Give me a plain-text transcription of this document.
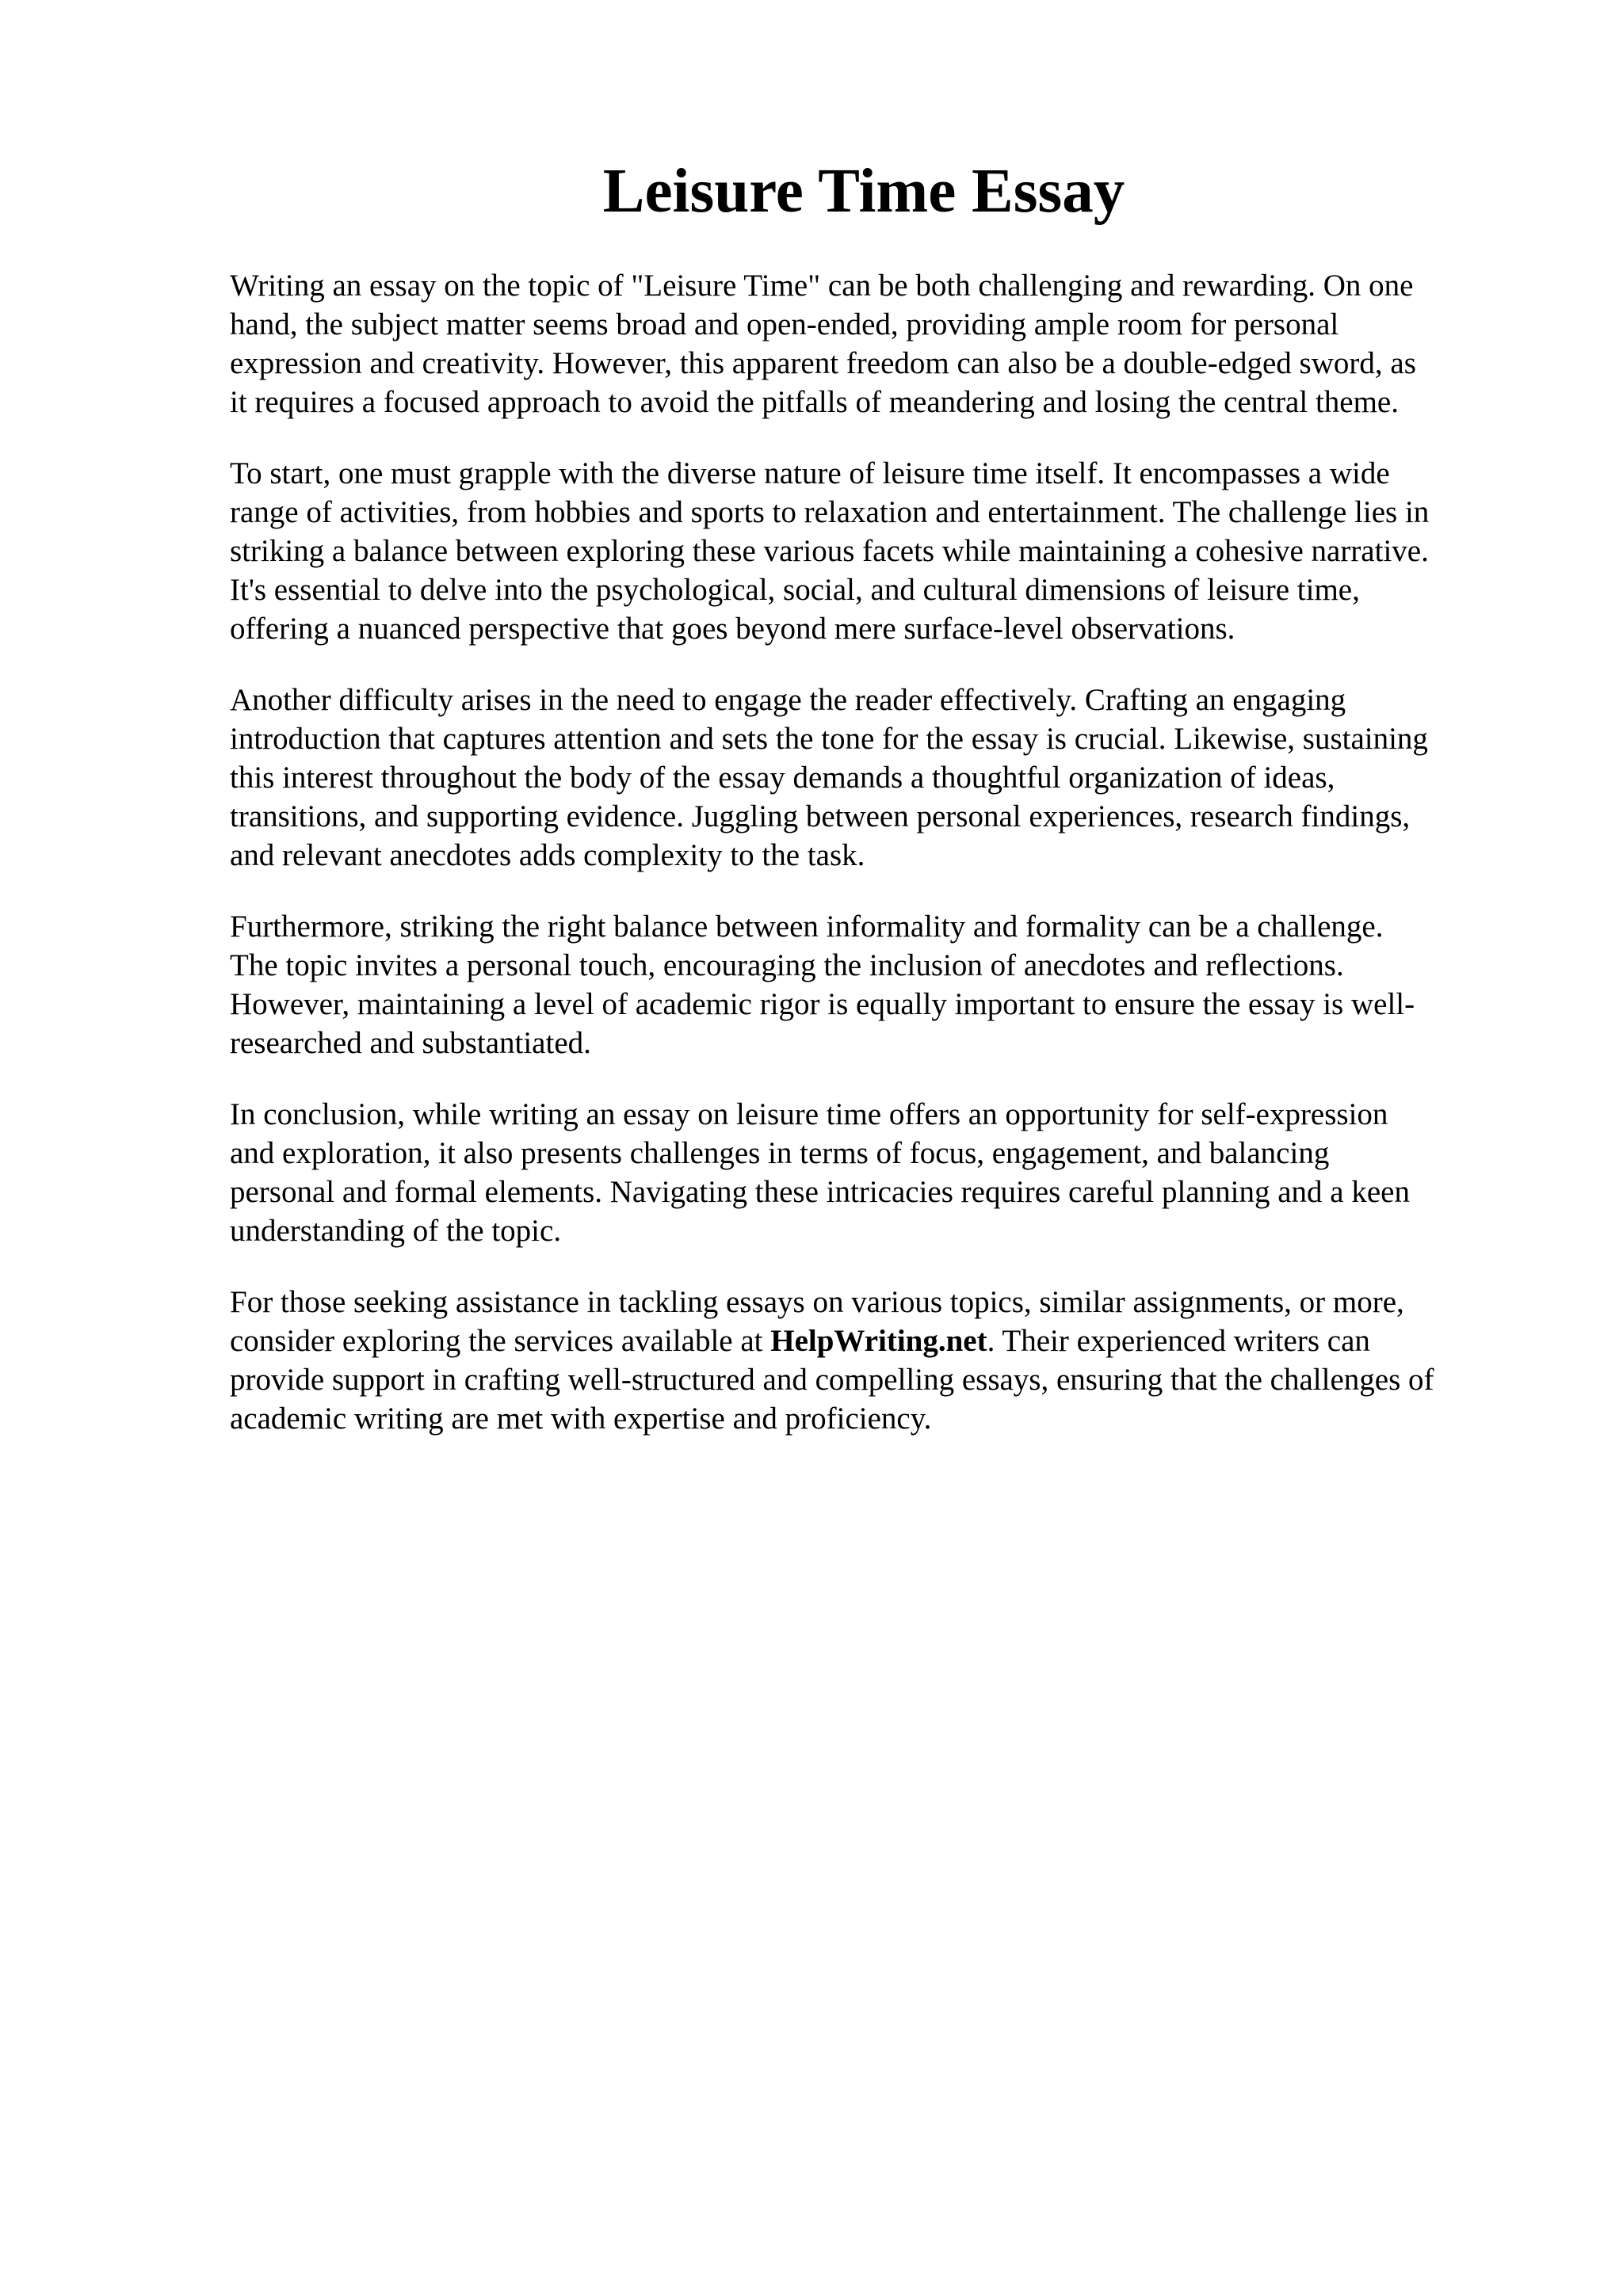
Leisure Time Essay

Writing an essay on the topic of "Leisure Time" can be both challenging and rewarding. On one
hand, the subject matter seems broad and open-ended, providing ample room for personal
expression and creativity. However, this apparent freedom can also be a double-edged sword, as
it requires a focused approach to avoid the pitfalls of meandering and losing the central theme.

To start, one must grapple with the diverse nature of leisure time itself. It encompasses a wide
range of activities, from hobbies and sports to relaxation and entertainment. The challenge lies in
striking a balance between exploring these various facets while maintaining a cohesive narrative.
It's essential to delve into the psychological, social, and cultural dimensions of leisure time,
offering a nuanced perspective that goes beyond mere surface-level observations.

Another difficulty arises in the need to engage the reader effectively. Crafting an engaging
introduction that captures attention and sets the tone for the essay is crucial. Likewise, sustaining
this interest throughout the body of the essay demands a thoughtful organization of ideas,
transitions, and supporting evidence. Juggling between personal experiences, research findings,
and relevant anecdotes adds complexity to the task.

Furthermore, striking the right balance between informality and formality can be a challenge.
The topic invites a personal touch, encouraging the inclusion of anecdotes and reflections.
However, maintaining a level of academic rigor is equally important to ensure the essay is well-
researched and substantiated.

In conclusion, while writing an essay on leisure time offers an opportunity for self-expression
and exploration, it also presents challenges in terms of focus, engagement, and balancing
personal and formal elements. Navigating these intricacies requires careful planning and a keen
understanding of the topic.

For those seeking assistance in tackling essays on various topics, similar assignments, or more,
consider exploring the services available at HelpWriting.net. Their experienced writers can
provide support in crafting well-structured and compelling essays, ensuring that the challenges of
academic writing are met with expertise and proficiency.
